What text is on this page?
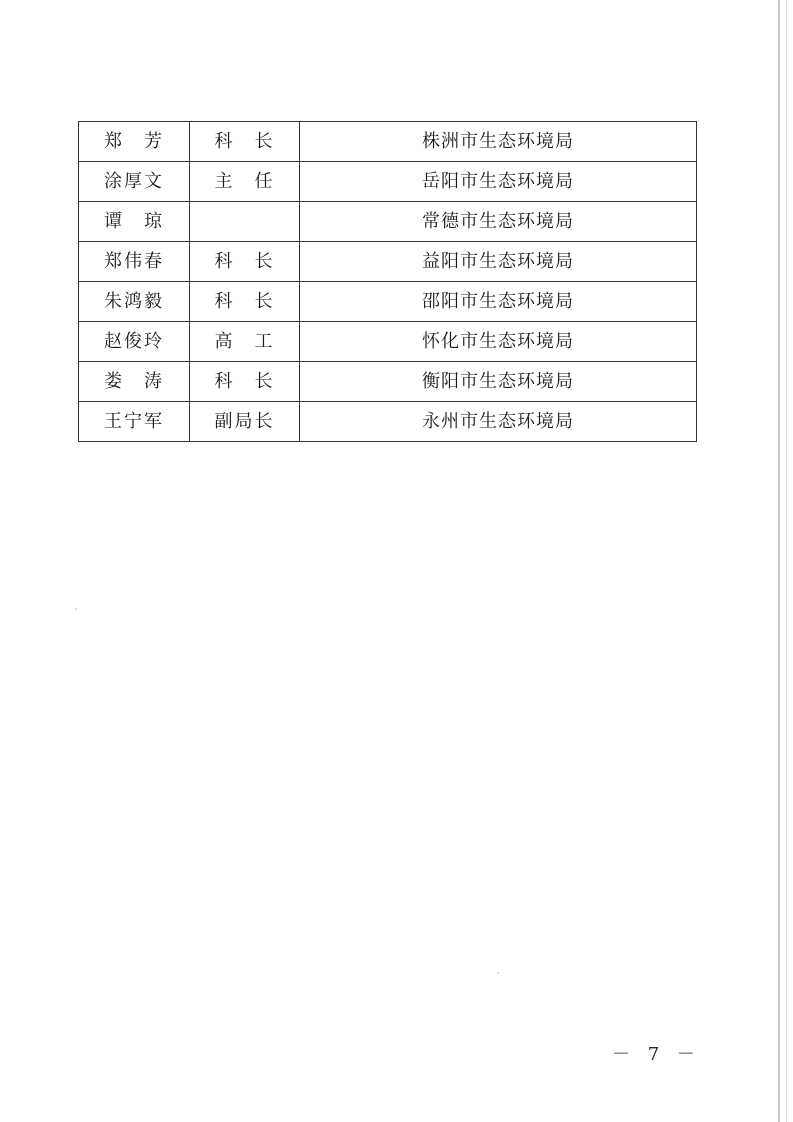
郑　芳	科　长	株洲市生态环境局
涂厚文	主　任	岳阳市生态环境局
谭　琼		常德市生态环境局
郑伟春	科　长	益阳市生态环境局
朱鸿毅	科　长	邵阳市生态环境局
赵俊玲	高　工	怀化市生态环境局
娄　涛	科　长	衡阳市生态环境局
王宁军	副局长	永州市生态环境局
－ 7 －
